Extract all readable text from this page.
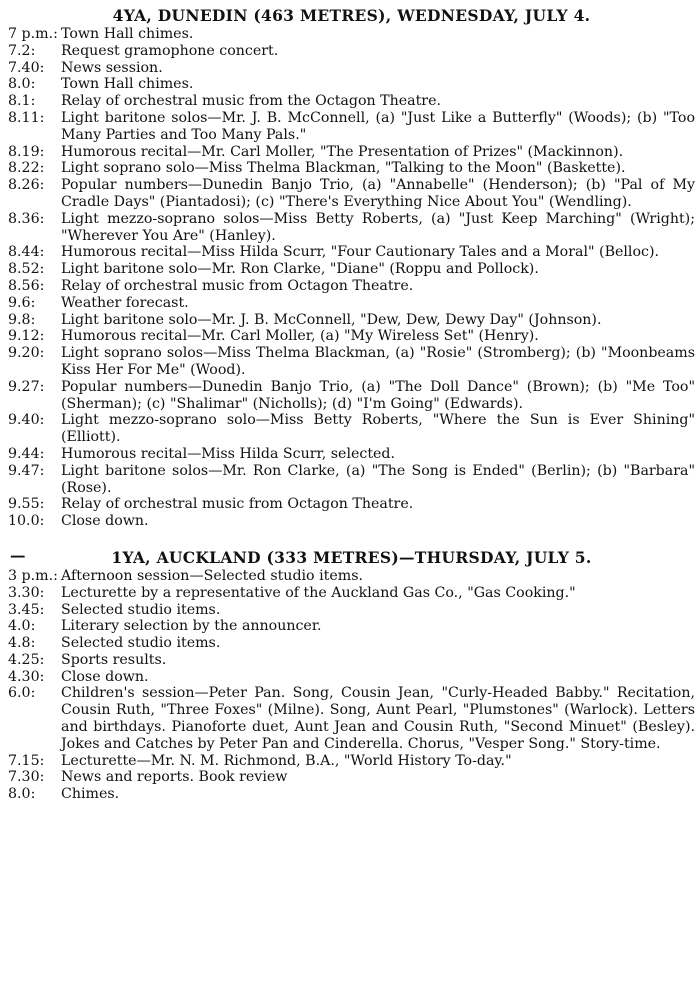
4YA, DUNEDIN (463 METRES), WEDNESDAY, JULY 4.
7 p.m.: Town Hall chimes.
7.2:	Request gramophone concert.
7.40:	News session.
8.0:	Town Hall chimes.
8.1:	Relay of orchestral music from the Octagon Theatre.
8.11:	Light baritone solos—Mr. J. B. McConnell, (a) "Just Like a Butterfly" (Woods); (b) "Too Many Parties and Too Many Pals."
8.19:	Humorous recital—Mr. Carl Moller, "The Presentation of Prizes" (Mackinnon).
8.22:	Light soprano solo—Miss Thelma Blackman, "Talking to the Moon" (Baskette).
8.26:	Popular numbers—Dunedin Banjo Trio, (a) "Annabelle" (Henderson); (b) "Pal of My Cradle Days" (Piantadosi); (c) "There's Everything Nice About You" (Wendling).
8.36:	Light mezzo-soprano solos—Miss Betty Roberts, (a) "Just Keep Marching" (Wright); "Wherever You Are" (Hanley).
8.44:	Humorous recital—Miss Hilda Scurr, "Four Cautionary Tales and a Moral" (Belloc).
8.52:	Light baritone solo—Mr. Ron Clarke, "Diane" (Roppu and Pollock).
8.56:	Relay of orchestral music from Octagon Theatre.
9.6:	Weather forecast.
9.8:	Light baritone solo—Mr. J. B. McConnell, "Dew, Dew, Dewy Day" (Johnson).
9.12:	Humorous recital—Mr. Carl Moller, (a) "My Wireless Set" (Henry).
9.20:	Light soprano solos—Miss Thelma Blackman, (a) "Rosie" (Stromberg); (b) "Moonbeams Kiss Her For Me" (Wood).
9.27:	Popular numbers—Dunedin Banjo Trio, (a) "The Doll Dance" (Brown); (b) "Me Too" (Sherman); (c) "Shalimar" (Nicholls); (d) "I'm Going" (Edwards).
9.40:	Light mezzo-soprano solo—Miss Betty Roberts, "Where the Sun is Ever Shining" (Elliott).
9.44:	Humorous recital—Miss Hilda Scurr, selected.
9.47:	Light baritone solos—Mr. Ron Clarke, (a) "The Song is Ended" (Berlin); (b) "Barbara" (Rose).
9.55:	Relay of orchestral music from Octagon Theatre.
10.0:	Close down.
—	1YA, AUCKLAND (333 METRES)—THURSDAY, JULY 5.
3 p.m.: Afternoon session—Selected studio items.
3.30:	Lecturette by a representative of the Auckland Gas Co., "Gas Cooking."
3.45:	Selected studio items.
4.0:	Literary selection by the announcer.
4.8:	Selected studio items.
4.25:	Sports results.
4.30:	Close down.
6.0:	Children's session—Peter Pan. Song, Cousin Jean, "Curly-Headed Babby." Recitation, Cousin Ruth, "Three Foxes" (Milne). Song, Aunt Pearl, "Plumstones" (Warlock). Letters and birthdays. Pianoforte duet, Aunt Jean and Cousin Ruth, "Second Minuet" (Besley). Jokes and Catches by Peter Pan and Cinderella. Chorus, "Vesper Song." Story-time.
7.15:	Lecturette—Mr. N. M. Richmond, B.A., "World History To-day."
7.30:	News and reports. Book review
8.0:	Chimes.
